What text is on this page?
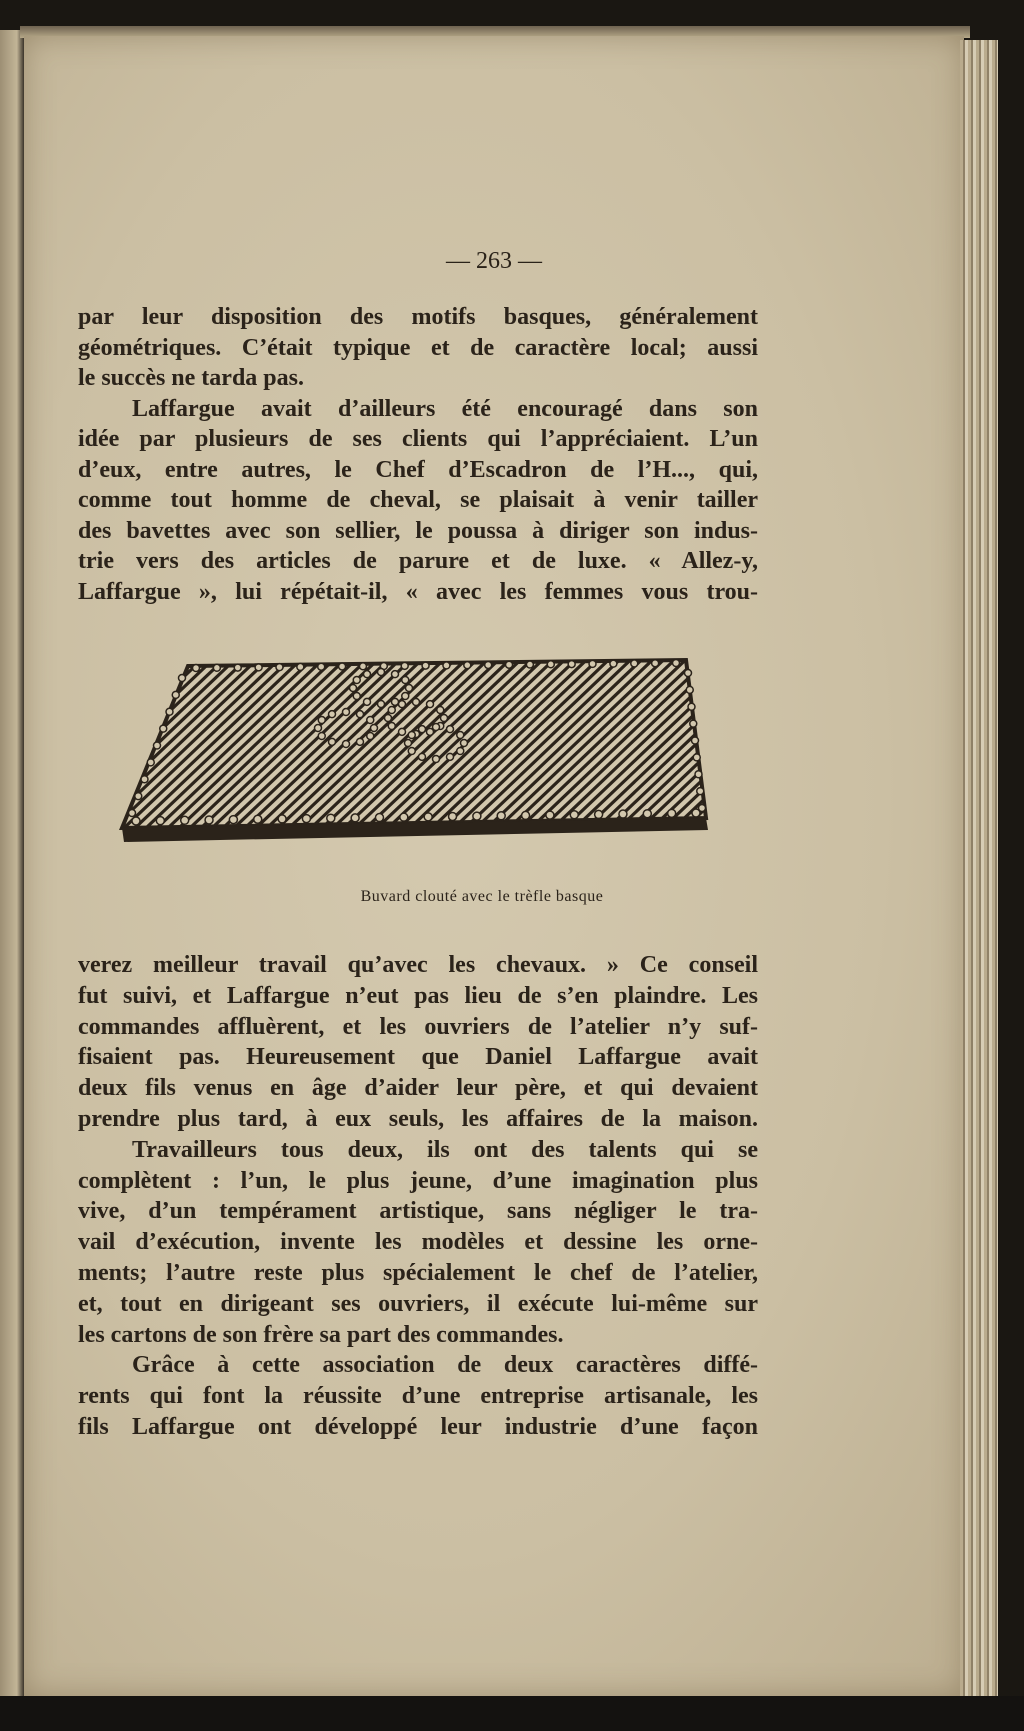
— 263 —
par leur disposition des motifs basques, généralement
géométriques. C’était typique et de caractère local; aussi
le succès ne tarda pas.
Laffargue avait d’ailleurs été encouragé dans son
idée par plusieurs de ses clients qui l’appréciaient. L’un
d’eux, entre autres, le Chef d’Escadron de l’H..., qui,
comme tout homme de cheval, se plaisait à venir tailler
des bavettes avec son sellier, le poussa à diriger son indus-
trie vers des articles de parure et de luxe. « Allez-y,
Laffargue », lui répétait-il, « avec les femmes vous trou-
Buvard clouté avec le trèfle basque
verez meilleur travail qu’avec les chevaux. » Ce conseil
fut suivi, et Laffargue n’eut pas lieu de s’en plaindre. Les
commandes affluèrent, et les ouvriers de l’atelier n’y suf-
fisaient pas. Heureusement que Daniel Laffargue avait
deux fils venus en âge d’aider leur père, et qui devaient
prendre plus tard, à eux seuls, les affaires de la maison.
Travailleurs tous deux, ils ont des talents qui se
complètent : l’un, le plus jeune, d’une imagination plus
vive, d’un tempérament artistique, sans négliger le tra-
vail d’exécution, invente les modèles et dessine les orne-
ments; l’autre reste plus spécialement le chef de l’atelier,
et, tout en dirigeant ses ouvriers, il exécute lui-même sur
les cartons de son frère sa part des commandes.
Grâce à cette association de deux caractères diffé-
rents qui font la réussite d’une entreprise artisanale, les
fils Laffargue ont développé leur industrie d’une façon
